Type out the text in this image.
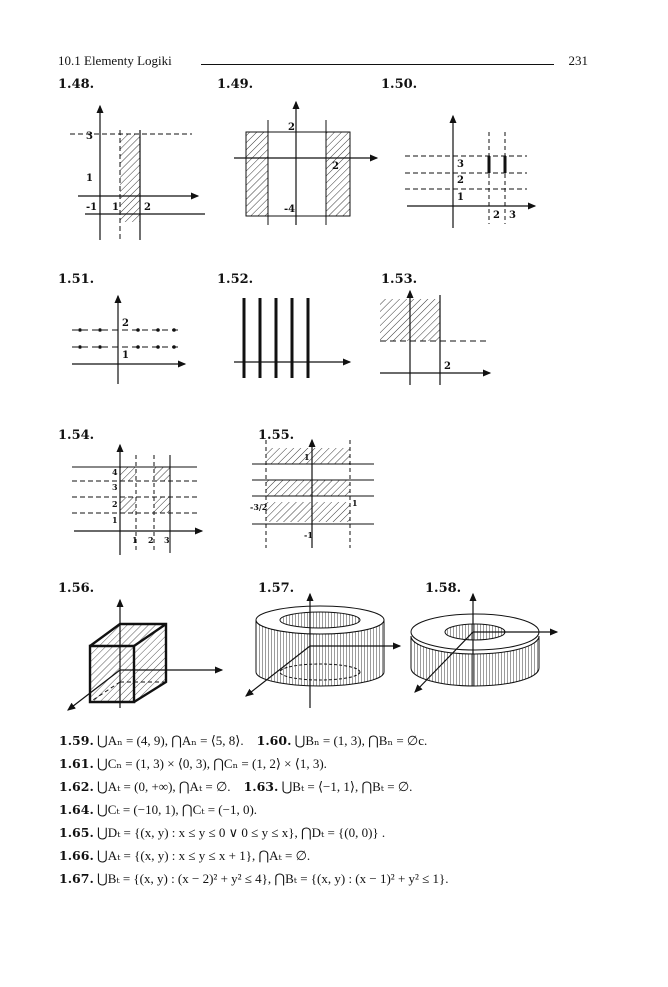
10.1 Elementy Logiki	231
1.48.	1.49.	1.50.
3
1
-1 1	2
2
2
-4
3
2
1
2 3
1.51.	1.52.	1.53.
2
1
2
1.54.	1.55.
4
3
2
1
1 2 3
1
-3/2	1
-1
1.56.	1.57.	1.58.
1.59. ⋃Aₙ = (4, 9), ⋂Aₙ = ⟨5, 8⟩. 1.60. ⋃Bₙ = (1, 3), ⋂Bₙ = ∅c.
1.61. ⋃Cₙ = (1, 3) × ⟨0, 3), ⋂Cₙ = (1, 2⟩ × ⟨1, 3).
1.62. ⋃Aₜ = (0, +∞), ⋂Aₜ = ∅. 1.63. ⋃Bₜ = ⟨−1, 1⟩, ⋂Bₜ = ∅.
1.64. ⋃Cₜ = (−10, 1), ⋂Cₜ = (−1, 0).
1.65. ⋃Dₜ = {(x, y) : x ≤ y ≤ 0 ∨ 0 ≤ y ≤ x}, ⋂Dₜ = {(0, 0)} .
1.66. ⋃Aₜ = {(x, y) : x ≤ y ≤ x + 1}, ⋂Aₜ = ∅.
1.67. ⋃Bₜ = {(x, y) : (x − 2)² + y² ≤ 4}, ⋂Bₜ = {(x, y) : (x − 1)² + y² ≤ 1}.
